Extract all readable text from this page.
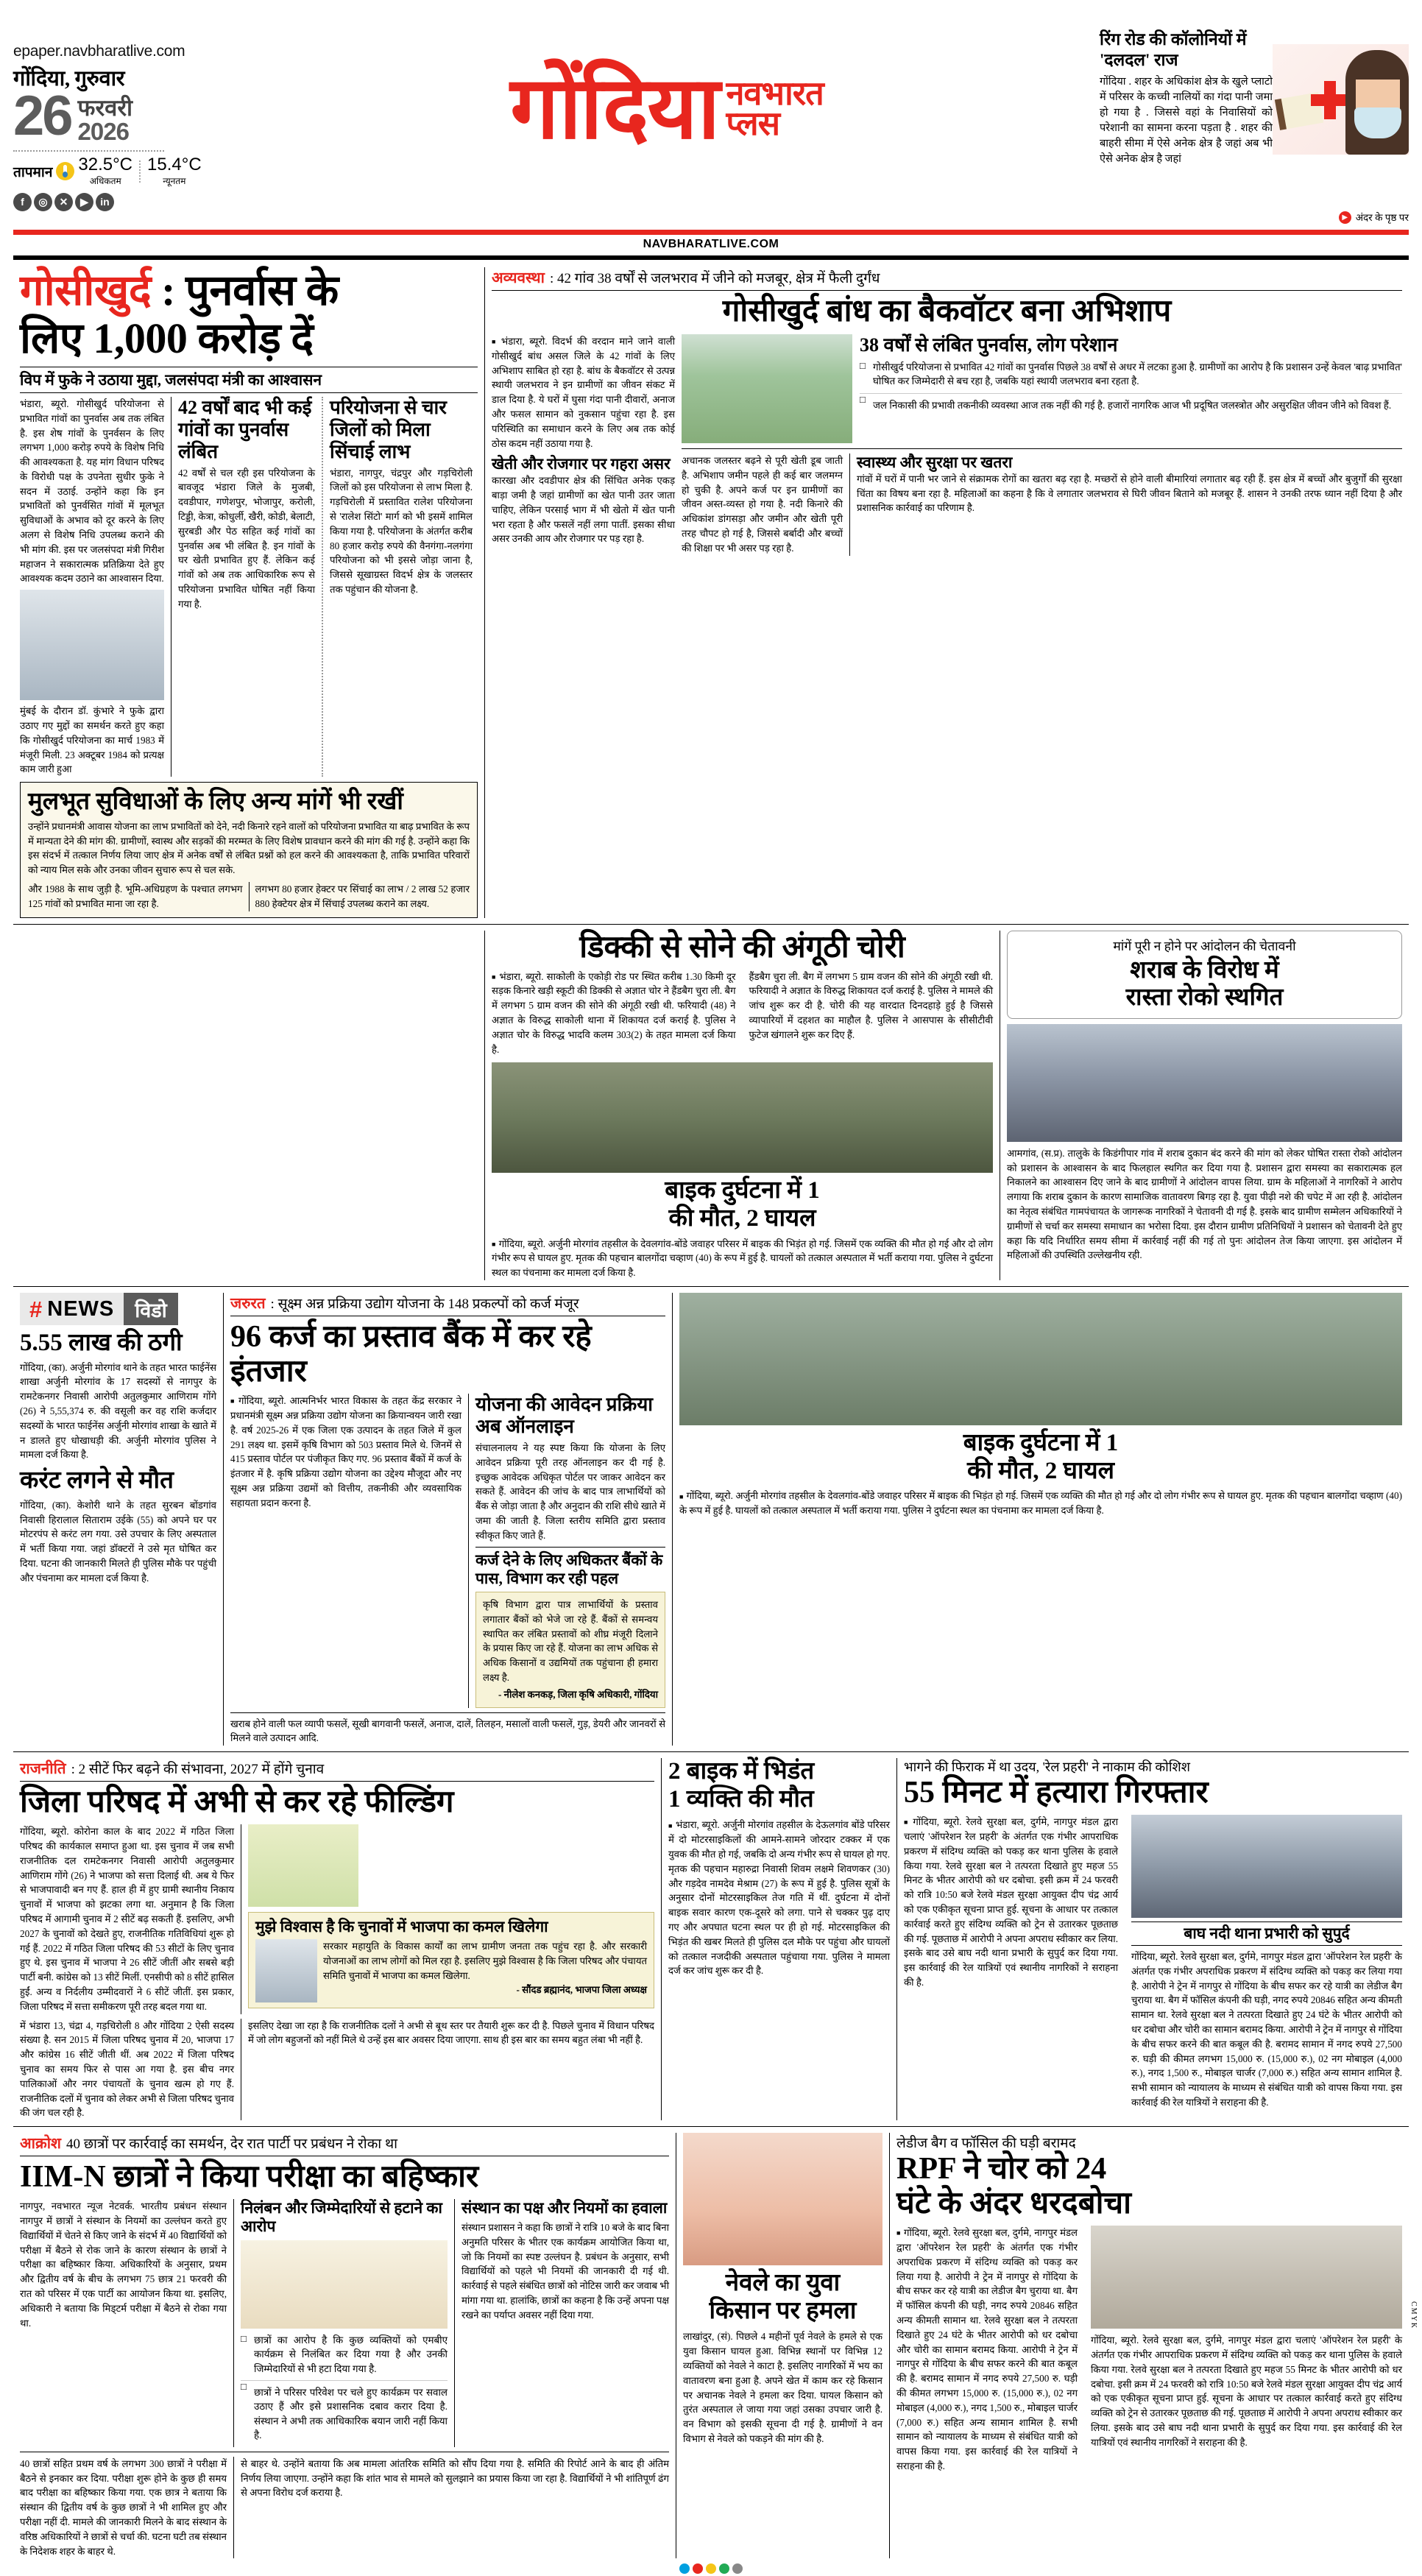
epaper.navbharatlive.com
गोंदिया, गुरुवार
26 फरवरी
2026
तापमान 32.5°C
अधिकतम
15.4°C
न्यूनतम
f	◎	✕	▶	in
गोंदिया नवभारत
प्लस
रिंग रोड की कॉलोनियों में
'दलदल' राज
गोंदिया . शहर के अधिकांश क्षेत्र के खुले प्लाटो में परिसर के कच्ची नालियों का गंदा पानी जमा हो गया है . जिससे वहां के निवासियों को परेशानी का सामना करना पड़ता है . शहर की बाहरी सीमा में ऐसे अनेक क्षेत्र है जहां अब भी ऐसे अनेक क्षेत्र है जहां
▶ अंदर के पृष्ठ पर
NAVBHARATLIVE.COM
गोसीखुर्द : पुनर्वास के
लिए 1,000 करोड़ दें
विप में फुके ने उठाया मुद्दा, जलसंपदा मंत्री का आश्वासन
भंडारा, ब्यूरो. गोसीखुर्द परियोजना से प्रभावित गांवों का पुनर्वास अब तक लंबित है. इस शेष गांवों के पुनर्वसन के लिए लगभग 1,000 करोड़ रुपये के विशेष निधि की आवश्यकता है. यह मांग विधान परिषद के विरोधी पक्ष के उपनेता सुधीर फुके ने सदन में उठाई. उन्होंने कहा कि इन प्रभावितों को पुनर्वसित गांवों में मूलभूत सुविधाओं के अभाव को दूर करने के लिए अलग से विशेष निधि उपलब्ध कराने की भी मांग की. इस पर जलसंपदा मंत्री गिरीश महाजन ने सकारात्मक प्रतिक्रिया देते हुए आवश्यक कदम उठाने का आश्वासन दिया.
मुंबई के दौरान डॉ. कुंभारे ने फुके द्वारा उठाए गए मुद्दों का समर्थन करते हुए कहा कि गोसीखुर्द परियोजना का मार्च 1983 में मंजूरी मिली. 23 अक्टूबर 1984 को प्रत्यक्ष काम जारी हुआ
42 वर्षों बाद भी कई गांवों का पुनर्वास लंबित
42 वर्षों से चल रही इस परियोजना के बावजूद भंडारा जिले के मुजबी, दवडीपार, गणेशपुर, भोजापुर, करोली, टिड्डी, केत्रा, कोधुर्ली, खैरी, कोडी, बेलाटी, सुरबडी और पेठ सहित कई गांवों का पुनर्वास अब भी लंबित है. इन गांवों के घर खेती प्रभावित हुए हैं. लेकिन कई गांवों को अब तक आधिकारिक रूप से परियोजना प्रभावित घोषित नहीं किया गया है.
परियोजना से चार जिलों को मिला सिंचाई लाभ
भंडारा, नागपुर, चंद्रपुर और गड़चिरोली जिलों को इस परियोजना से लाभ मिला है. गड़चिरोली में प्रस्तावित रालेश परियोजना से 'रालेश सिंटो' मार्ग को भी इसमें शामिल किया गया है. परियोजना के अंतर्गत करीब 80 हजार करोड़ रुपये की वैनगंगा-नलगंगा परियोजना को भी इससे जोड़ा जाना है, जिससे सूखाग्रस्त विदर्भ क्षेत्र के जलस्तर तक पहुंचान की योजना है.
मुलभूत सुविधाओं के लिए अन्य मांगें भी रखीं
उन्होंने प्रधानमंत्री आवास योजना का लाभ प्रभावितों को देने, नदी किनारे रहने वालों को परियोजना प्रभावित या बाढ़ प्रभावित के रूप में मान्यता देने की मांग की. ग्रामीणों, स्वास्थ और सड़कों की मरम्मत के लिए विशेष प्रावधान करने की मांग की गई है. उन्होंने कहा कि इस संदर्भ में तत्काल निर्णय लिया जाए क्षेत्र में अनेक वर्षों से लंबित प्रश्नों को हल करने की आवश्यकता है, ताकि प्रभावित परिवारों को न्याय मिल सके और उनका जीवन सुचारु रूप से चल सके.
और 1988 के साथ जुड़ी है. भूमि-अधिग्रहण के पश्चात लगभग 125 गांवों को प्रभावित माना जा रहा है.
लगभग 80 हजार हेक्टर पर सिंचाई का लाभ / 2 लाख 52 हजार 880 हेक्टेयर क्षेत्र में सिंचाई उपलब्ध कराने का लक्ष्य.
अव्यवस्था : 42 गांव 38 वर्षों से जलभराव में जीने को मजबूर, क्षेत्र में फैली दुर्गंध
गोसीखुर्द बांध का बैकवॉटर बना अभिशाप
■ भंडारा, ब्यूरो. विदर्भ की वरदान माने जाने वाली गोसीखुर्द बांध असल जिले के 42 गांवों के लिए अभिशाप साबित हो रहा है. बांध के बैकवॉटर से उत्पन्न स्थायी जलभराव ने इन ग्रामीणों का जीवन संकट में डाल दिया है. ये घरों में घुसा गंदा पानी दीवारों, अनाज और फसल सामान को नुकसान पहुंचा रहा है. इस परिस्थिति का समाधान करने के लिए अब तक कोई ठोस कदम नहीं उठाया गया है.
खेती और रोजगार पर गहरा असर
कारखा और दवडीपार क्षेत्र की सिंचित अनेक एकड़ बाड़ा जमी है जहां ग्रामीणों का खेत पानी उतर जाता चाहिए, लेकिन परसाई भाग में भी खेतो में खेत पानी भरा रहता है और फसलें नहीं लगा पातीं. इसका सीधा असर उनकी आय और रोजगार पर पड़ रहा है.
38 वर्षों से लंबित पुनर्वास, लोग परेशान
□ गोसीखुर्द परियोजना से प्रभावित 42 गांवों का पुनर्वास पिछले 38 वर्षों से अधर में लटका हुआ है. ग्रामीणों का आरोप है कि प्रशासन उन्हें केवल 'बाढ़ प्रभावित' घोषित कर जिम्मेदारी से बच रहा है, जबकि यहां स्थायी जलभराव बना रहता है.
□ जल निकासी की प्रभावी तकनीकी व्यवस्था आज तक नहीं की गई है. हजारों नागरिक आज भी प्रदूषित जलस्त्रोत और असुरक्षित जीवन जीने को विवश हैं.
अचानक जलस्तर बढ़ने से पूरी खेती डूब जाती है. अभिशाप जमीन पहले ही कई बार जलमग्न हो चुकी है. अपने कर्ज पर इन ग्रामीणों का जीवन अस्त-व्यस्त हो गया है. नदी किनारे की अधिकांश डांगसड़ा और जमीन और खेती पूरी तरह चौपट हो गई है, जिससे बर्बादी और बच्चों की शिक्षा पर भी असर पड़ रहा है.
स्वास्थ्य और सुरक्षा पर खतरा
गांवों में घरों में पानी भर जाने से संक्रामक रोगों का खतरा बढ़ रहा है. मच्छरों से होने वाली बीमारियां लगातार बढ़ रही हैं. इस क्षेत्र में बच्चों और बुजुर्गों की सुरक्षा चिंता का विषय बना रहा है. महिलाओं का कहना है कि वे लगातार जलभराव से घिरी जीवन बिताने को मजबूर हैं. शासन ने उनकी तरफ ध्यान नहीं दिया है और प्रशासनिक कार्रवाई का परिणाम है.
डिक्की से सोने की अंगूठी चोरी
■ भंडारा, ब्यूरो. साकोली के एकोड़ी रोड पर स्थित करीब 1.30 किमी दूर सड़क किनारे खड़ी स्कूटी की डिक्की से अज्ञात चोर ने हैंडबैग चुरा ली. बैग में लगभग 5 ग्राम वजन की सोने की अंगूठी रखी थी. फरियादी (48) ने अज्ञात के विरुद्ध साकोली थाना में शिकायत दर्ज कराई है. पुलिस ने अज्ञात चोर के विरुद्ध भादवि कलम 303(2) के तहत मामला दर्ज किया है.
हैंडबैग चुरा ली. बैग में लगभग 5 ग्राम वजन की सोने की अंगूठी रखी थी. फरियादी ने अज्ञात के विरुद्ध शिकायत दर्ज कराई है. पुलिस ने मामले की जांच शुरू कर दी है. चोरी की यह वारदात दिनदहाड़े हुई है जिससे व्यापारियों में दहशत का माहौल है. पुलिस ने आसपास के सीसीटीवी फुटेज खंगालने शुरू कर दिए हैं.
बाइक दुर्घटना में 1
की मौत, 2 घायल
■ गोंदिया, ब्यूरो. अर्जुनी मोरगांव तहसील के देवलगांव-बोंडे जवाहर परिसर में बाइक की भिड़ंत हो गई. जिसमें एक व्यक्ति की मौत हो गई और दो लोग गंभीर रूप से घायल हुए. मृतक की पहचान बालगोंदा चव्हाण (40) के रूप में हुई है. घायलों को तत्काल अस्पताल में भर्ती कराया गया. पुलिस ने दुर्घटना स्थल का पंचनामा कर मामला दर्ज किया है.
मांगें पूरी न होने पर आंदोलन की चेतावनी
शराब के विरोध में
रास्ता रोको स्थगित
आमगांव, (स.प्र). तालुके के किडंगीपार गांव में शराब दुकान बंद करने की मांग को लेकर घोषित रास्ता रोको आंदोलन को प्रशासन के आश्वासन के बाद फिलहाल स्थगित कर दिया गया है. प्रशासन द्वारा समस्या का सकारात्मक हल निकालने का आश्वासन दिए जाने के बाद ग्रामीणों ने आंदोलन वापस लिया. ग्राम के महिलाओं ने नागरिकों ने आरोप लगाया कि शराब दुकान के कारण सामाजिक वातावरण बिगड़ रहा है. युवा पीढ़ी नशे की चपेट में आ रही है. आंदोलन का नेतृत्व संबंधित गामपंचायत के जागरूक नागरिकों ने चेतावनी दी गई है. इसके बाद ग्रामीण सम्मेलन अधिकारियों ने ग्रामीणों से चर्चा कर समस्या समाधान का भरोसा दिया. इस दौरान ग्रामीण प्रतिनिधियों ने प्रशासन को चेतावनी देते हुए कहा कि यदि निर्धारित समय सीमा में कार्रवाई नहीं की गई तो पुनः आंदोलन तेज किया जाएगा. इस आंदोलन में महिलाओं की उपस्थिति उल्लेखनीय रही.
# NEWS	विडो
5.55 लाख की ठगी
गोंदिया, (का). अर्जुनी मोरगांव थाने के तहत भारत फाईनेंस शाखा अर्जुनी मोरगांव के 17 सदस्यों से नागपुर के रामटेकनगर निवासी आरोपी अतुलकुमार आणिराम गोंगे (26) ने 5,55,374 रु. की वसूली कर वह राशि कर्जदार सदस्यों के भारत फाईनेंस अर्जुनी मोरगांव शाखा के खाते में न डालते हुए धोखाधड़ी की. अर्जुनी मोरगांव पुलिस ने मामला दर्ज किया है.
करंट लगने से मौत
गोंदिया, (का). केशोरी थाने के तहत सुरबन बोंडगांव निवासी हिरालाल सिताराम उईके (55) को अपने घर पर मोटरपंप से करंट लग गया. उसे उपचार के लिए अस्पताल में भर्ती किया गया. जहां डॉक्टरों ने उसे मृत घोषित कर दिया. घटना की जानकारी मिलते ही पुलिस मौके पर पहुंची और पंचनामा कर मामला दर्ज किया है.
जरुरत : सूक्ष्म अन्न प्रक्रिया उद्योग योजना के 148 प्रकल्पों को कर्ज मंजूर
96 कर्ज का प्रस्ताव बैंक में कर रहे इंतजार
■ गोंदिया, ब्यूरो. आत्मनिर्भर भारत विकास के तहत केंद्र सरकार ने प्रधानमंत्री सूक्ष्म अन्न प्रक्रिया उद्योग योजना का क्रियान्वयन जारी रखा है. वर्ष 2025-26 में एक जिला एक उत्पादन के तहत जिले में कुल 291 लक्ष्य था. इसमें कृषि विभाग को 503 प्रस्ताव मिले थे. जिनमें से 415 प्रस्ताव पोर्टल पर पंजीकृत किए गए. 96 प्रस्ताव बैंकों में कर्ज के इंतजार में है. कृषि प्रक्रिया उद्योग योजना का उद्देश्य मौजूदा और नए सूक्ष्म अन्न प्रक्रिया उद्यमों को वित्तीय, तकनीकी और व्यवसायिक सहायता प्रदान करना है.
योजना की आवेदन प्रक्रिया अब ऑनलाइन
संचालनालय ने यह स्पष्ट किया कि योजना के लिए आवेदन प्रक्रिया पूरी तरह ऑनलाइन कर दी गई है. इच्छुक आवेदक अधिकृत पोर्टल पर जाकर आवेदन कर सकते हैं. आवेदन की जांच के बाद पात्र लाभार्थियों को बैंक से जोड़ा जाता है और अनुदान की राशि सीधे खाते में जमा की जाती है. जिला स्तरीय समिति द्वारा प्रस्ताव स्वीकृत किए जाते हैं.
कर्ज देने के लिए अधिकतर बैंकों के पास, विभाग कर रही पहल
कृषि विभाग द्वारा पात्र लाभार्थियों के प्रस्ताव लगातार बैंकों को भेजे जा रहे हैं. बैंकों से समन्वय स्थापित कर लंबित प्रस्तावों को शीघ्र मंजूरी दिलाने के प्रयास किए जा रहे हैं. योजना का लाभ अधिक से अधिक किसानों व उद्यमियों तक पहुंचाना ही हमारा लक्ष्य है.
- नीलेश कनकड़, जिला कृषि अधिकारी, गोंदिया
खराब होने वाली फल व्यापी फसलें, सूखी बागवानी फसलें, अनाज, दालें, तिलहन, मसालों वाली फसलें, गुड़, डेयरी और जानवरों से मिलने वाले उत्पादन आदि.
बाइक दुर्घटना में 1
की मौत, 2 घायल
■ गोंदिया, ब्यूरो. अर्जुनी मोरगांव तहसील के देवलगांव-बोंडे जवाहर परिसर में बाइक की भिड़ंत हो गई. जिसमें एक व्यक्ति की मौत हो गई और दो लोग गंभीर रूप से घायल हुए. मृतक की पहचान बालगोंदा चव्हाण (40) के रूप में हुई है. घायलों को तत्काल अस्पताल में भर्ती कराया गया. पुलिस ने दुर्घटना स्थल का पंचनामा कर मामला दर्ज किया है.
राजनीति : 2 सीटें फिर बढ़ने की संभावना, 2027 में होंगे चुनाव
जिला परिषद में अभी से कर रहे फील्डिंग
गोंदिया, ब्यूरो. कोरोना काल के बाद 2022 में गठित जिला परिषद की कार्यकाल समाप्त हुआ था. इस चुनाव में जब सभी राजनीतिक दल रामटेकनगर निवासी आरोपी अतुलकुमार आणिराम गोंगे (26) ने भाजपा को सत्ता दिलाई थी. अब ये फिर से भाजपावादी बन गए हैं. हाल ही में हुए ग्रामी स्थानीय निकाय चुनावों में भाजपा को झटका लगा था. अनुमान है कि जिला परिषद में आगामी चुनाव में 2 सीटें बढ़ सकती हैं. इसलिए, अभी 2027 के चुनावों को देखते हुए, राजनीतिक गतिविधियां शुरू हो गई हैं. 2022 में गठित जिला परिषद की 53 सीटों के लिए चुनाव हुए थे. इस चुनाव में भाजपा ने 26 सीटें जीतीं और सबसे बड़ी पार्टी बनी. कांग्रेस को 13 सीटें मिलीं. एनसीपी को 8 सीटें हासिल हुईं. अन्य व निर्दलीय उम्मीदवारों ने 6 सीटें जीतीं. इस प्रकार, जिला परिषद में सत्ता समीकरण पूरी तरह बदल गया था.
मुझे विश्वास है कि चुनावों में भाजपा का कमल खिलेगा
सरकार महायुति के विकास कार्यों का लाभ ग्रामीण जनता तक पहुंच रहा है. और सरकारी योजनाओं का लाभ लोगों को मिल रहा है. इसलिए मुझे विश्वास है कि जिला परिषद और पंचायत समिति चुनावों में भाजपा का कमल खिलेगा.
- सौंदड ब्रह्मानंद, भाजपा जिला अध्यक्ष
में भंडारा 13, चंद्रा 4, गड़चिरोली 8 और गोंदिया 2 ऐसी सदस्य संख्या है. सन 2015 में जिला परिषद चुनाव में 20, भाजपा 17 और कांग्रेस 16 सीटें जीती थीं. अब 2022 में जिला परिषद चुनाव का समय फिर से पास आ गया है. इस बीच नगर पालिकाओं और नगर पंचायतों के चुनाव खत्म हो गए हैं. राजनीतिक दलों में चुनाव को लेकर अभी से जिला परिषद चुनाव की जंग चल रही है.
इसलिए देखा जा रहा है कि राजनीतिक दलों ने अभी से बूथ स्तर पर तैयारी शुरू कर दी है. पिछले चुनाव में विधान परिषद में जो लोग बहुजनों को नहीं मिले थे उन्हें इस बार अवसर दिया जाएगा. साथ ही इस बार का समय बहुत लंबा भी नहीं है.
2 बाइक में भिडंत
1 व्यक्ति की मौत
■ भंडारा, ब्यूरो. अर्जुनी मोरगांव तहसील के देऊलगांव बोंडे परिसर में दो मोटरसाइकिलों की आमने-सामने जोरदार टक्कर में एक युवक की मौत हो गई, जबकि दो अन्य गंभीर रूप से घायल हो गए. मृतक की पहचान महारुद्रा निवासी शिवम लक्षमे शिवणकर (30) और गड़देव नामदेव मेश्राम (27) के रूप में हुई है. पुलिस सूत्रों के अनुसार दोनों मोटरसाइकिल तेज गति में थीं. दुर्घटना में दोनों बाइक सवार कारण एक-दूसरे को लगा. पाने से चक्कर पुढ़ दाए गए और अपघात घटना स्थल पर ही हो गई. मोटरसाइकिल की भिड़ंत की खबर मिलते ही पुलिस दल मौके पर पहुंचा और घायलों को तत्काल नजदीकी अस्पताल पहुंचाया गया. पुलिस ने मामला दर्ज कर जांच शुरू कर दी है.
भागने की फिराक में था उदय, 'रेल प्रहरी' ने नाकाम की कोशिश
55 मिनट में हत्यारा गिरफ्तार
■ गोंदिया, ब्यूरो. रेलवे सुरक्षा बल, दुर्गमे, नागपुर मंडल द्वारा चलाएं 'ऑपरेशन रेल प्रहरी' के अंतर्गत एक गंभीर आपराधिक प्रकरण में संदिग्ध व्यक्ति को पकड़ कर थाना पुलिस के हवाले किया गया. रेलवे सुरक्षा बल ने तत्परता दिखाते हुए महज 55 मिनट के भीतर आरोपी को धर दबोचा. इसी क्रम में 24 फरवरी को रात्रि 10:50 बजे रेलवे मंडल सुरक्षा आयुक्त दीप चंद्र आर्य को एक एकीकृत सूचना प्राप्त हुई. सूचना के आधार पर तत्काल कार्रवाई करते हुए संदिग्ध व्यक्ति को ट्रेन से उतारकर पूछताछ की गई. पूछताछ में आरोपी ने अपना अपराध स्वीकार कर लिया. इसके बाद उसे बाघ नदी थाना प्रभारी के सुपुर्द कर दिया गया. इस कार्रवाई की रेल यात्रियों एवं स्थानीय नागरिकों ने सराहना की है.
बाघ नदी थाना प्रभारी को सुपुर्द
गोंदिया, ब्यूरो. रेलवे सुरक्षा बल, दुर्गमे, नागपुर मंडल द्वारा 'ऑपरेशन रेल प्रहरी' के अंतर्गत एक गंभीर अपराधिक प्रकरण में संदिग्ध व्यक्ति को पकड़ कर लिया गया है. आरोपी ने ट्रेन में नागपुर से गोंदिया के बीच सफर कर रहे यात्री का लेडीज बैग चुराया था. बैग में फॉसिल कंपनी की घड़ी, नगद रुपये 20846 सहित अन्य कीमती सामान था. रेलवे सुरक्षा बल ने तत्परता दिखाते हुए 24 घंटे के भीतर आरोपी को धर दबोचा और चोरी का सामान बरामद किया. आरोपी ने ट्रेन में नागपुर से गोंदिया के बीच सफर करने की बात कबूल की है. बरामद सामान में नगद रुपये 27,500 रु. घड़ी की कीमत लगभग 15,000 रु. (15,000 रु.), 02 नग मोबाइल (4,000 रु.), नगद 1,500 रु., मोबाइल चार्जर (7,000 रु.) सहित अन्य सामान शामिल है. सभी सामान को न्यायालय के माध्यम से संबंधित यात्री को वापस किया गया. इस कार्रवाई की रेल यात्रियों ने सराहना की है.
आक्रोश 40 छात्रों पर कार्रवाई का समर्थन, देर रात पार्टी पर प्रबंधन ने रोका था
IIM-N छात्रों ने किया परीक्षा का बहिष्कार
नागपुर, नवभारत न्यूज नेटवर्क. भारतीय प्रबंधन संस्थान नागपुर में छात्रों ने संस्थान के नियमों का उल्लंघन करते हुए विद्यार्थियों में चेतने से किए जाने के संदर्भ में 40 विद्यार्थियों को परीक्षा में बैठने से रोक जाने के कारण संस्थान के छात्रों ने परीक्षा का बहिष्कार किया. अधिकारियों के अनुसार, प्रथम और द्वितीय वर्ष के बीच के लगभग 75 छात्र 21 फरवरी की रात को परिसर में एक पार्टी का आयोजन किया था. इसलिए, अधिकारी ने बताया कि मिड्टर्म परीक्षा में बैठने से रोका गया था.
निलंबन और जिम्मेदारियों से हटाने का आरोप
□ छात्रों का आरोप है कि कुछ व्यक्तियों को एमबीए कार्यक्रम से निलंबित कर दिया गया है और उनकी जिम्मेदारियों से भी हटा दिया गया है.
□ छात्रों ने परिसर परिवेश पर चले हुए कार्यक्रम पर सवाल उठाए हैं और इसे प्रशासनिक दबाव करार दिया है. संस्थान ने अभी तक आधिकारिक बयान जारी नहीं किया है.
संस्थान का पक्ष और नियमों का हवाला
संस्थान प्रशासन ने कहा कि छात्रों ने रात्रि 10 बजे के बाद बिना अनुमति परिसर के भीतर एक कार्यक्रम आयोजित किया था, जो कि नियमों का स्पष्ट उल्लंघन है. प्रबंधन के अनुसार, सभी विद्यार्थियों को पहले भी नियमों की जानकारी दी गई थी. कार्रवाई से पहले संबंधित छात्रों को नोटिस जारी कर जवाब भी मांगा गया था. हालांकि, छात्रों का कहना है कि उन्हें अपना पक्ष रखने का पर्याप्त अवसर नहीं दिया गया.
40 छात्रों सहित प्रथम वर्ष के लगभग 300 छात्रों ने परीक्षा में बैठने से इनकार कर दिया. परीक्षा शुरू होने के कुछ ही समय बाद परीक्षा का बहिष्कार किया गया. एक छात्र ने बताया कि संस्थान की द्वितीय वर्ष के कुछ छात्रों ने भी शामिल हुए और परीक्षा नहीं दी. मामले की जानकारी मिलने के बाद संस्थान के वरिष्ठ अधिकारियों ने छात्रों से चर्चा की. घटना घटी तब संस्थान के निदेशक शहर के बाहर थे.
से बाहर थे. उन्होंने बताया कि अब मामला आंतरिक समिति को सौंप दिया गया है. समिति की रिपोर्ट आने के बाद ही अंतिम निर्णय लिया जाएगा. उन्होंने कहा कि शांत भाव से मामले को सुलझाने का प्रयास किया जा रहा है. विद्यार्थियों ने भी शांतिपूर्ण ढंग से अपना विरोध दर्ज कराया है.
नेवले का युवा
किसान पर हमला
लाखांदुर, (सं). पिछले 4 महीनों पूर्व नेवले के हमले से एक युवा किसान घायल हुआ. विभिन्न स्थानों पर विभिन्न 12 व्यक्तियों को नेवले ने काटा है. इसलिए नागरिकों में भय का वातावरण बना हुआ है. अपने खेत में काम कर रहे किसान पर अचानक नेवले ने हमला कर दिया. घायल किसान को तुरंत अस्पताल ले जाया गया जहां उसका उपचार जारी है. वन विभाग को इसकी सूचना दी गई है. ग्रामीणों ने वन विभाग से नेवले को पकड़ने की मांग की है.
लेडीज बैग व फॉसिल की घड़ी बरामद
RPF ने चोर को 24
घंटे के अंदर धरदबोचा
■ गोंदिया, ब्यूरो. रेलवे सुरक्षा बल, दुर्गमे, नागपुर मंडल द्वारा 'ऑपरेशन रेल प्रहरी' के अंतर्गत एक गंभीर अपराधिक प्रकरण में संदिग्ध व्यक्ति को पकड़ कर लिया गया है. आरोपी ने ट्रेन में नागपुर से गोंदिया के बीच सफर कर रहे यात्री का लेडीज बैग चुराया था. बैग में फॉसिल कंपनी की घड़ी, नगद रुपये 20846 सहित अन्य कीमती सामान था. रेलवे सुरक्षा बल ने तत्परता दिखाते हुए 24 घंटे के भीतर आरोपी को धर दबोचा और चोरी का सामान बरामद किया. आरोपी ने ट्रेन में नागपुर से गोंदिया के बीच सफर करने की बात कबूल की है. बरामद सामान में नगद रुपये 27,500 रु. घड़ी की कीमत लगभग 15,000 रु. (15,000 रु.), 02 नग मोबाइल (4,000 रु.), नगद 1,500 रु., मोबाइल चार्जर (7,000 रु.) सहित अन्य सामान शामिल है. सभी सामान को न्यायालय के माध्यम से संबंधित यात्री को वापस किया गया. इस कार्रवाई की रेल यात्रियों ने सराहना की है.
गोंदिया, ब्यूरो. रेलवे सुरक्षा बल, दुर्गमे, नागपुर मंडल द्वारा चलाएं 'ऑपरेशन रेल प्रहरी' के अंतर्गत एक गंभीर आपराधिक प्रकरण में संदिग्ध व्यक्ति को पकड़ कर थाना पुलिस के हवाले किया गया. रेलवे सुरक्षा बल ने तत्परता दिखाते हुए महज 55 मिनट के भीतर आरोपी को धर दबोचा. इसी क्रम में 24 फरवरी को रात्रि 10:50 बजे रेलवे मंडल सुरक्षा आयुक्त दीप चंद्र आर्य को एक एकीकृत सूचना प्राप्त हुई. सूचना के आधार पर तत्काल कार्रवाई करते हुए संदिग्ध व्यक्ति को ट्रेन से उतारकर पूछताछ की गई. पूछताछ में आरोपी ने अपना अपराध स्वीकार कर लिया. इसके बाद उसे बाघ नदी थाना प्रभारी के सुपुर्द कर दिया गया. इस कार्रवाई की रेल यात्रियों एवं स्थानीय नागरिकों ने सराहना की है.
CMYK
